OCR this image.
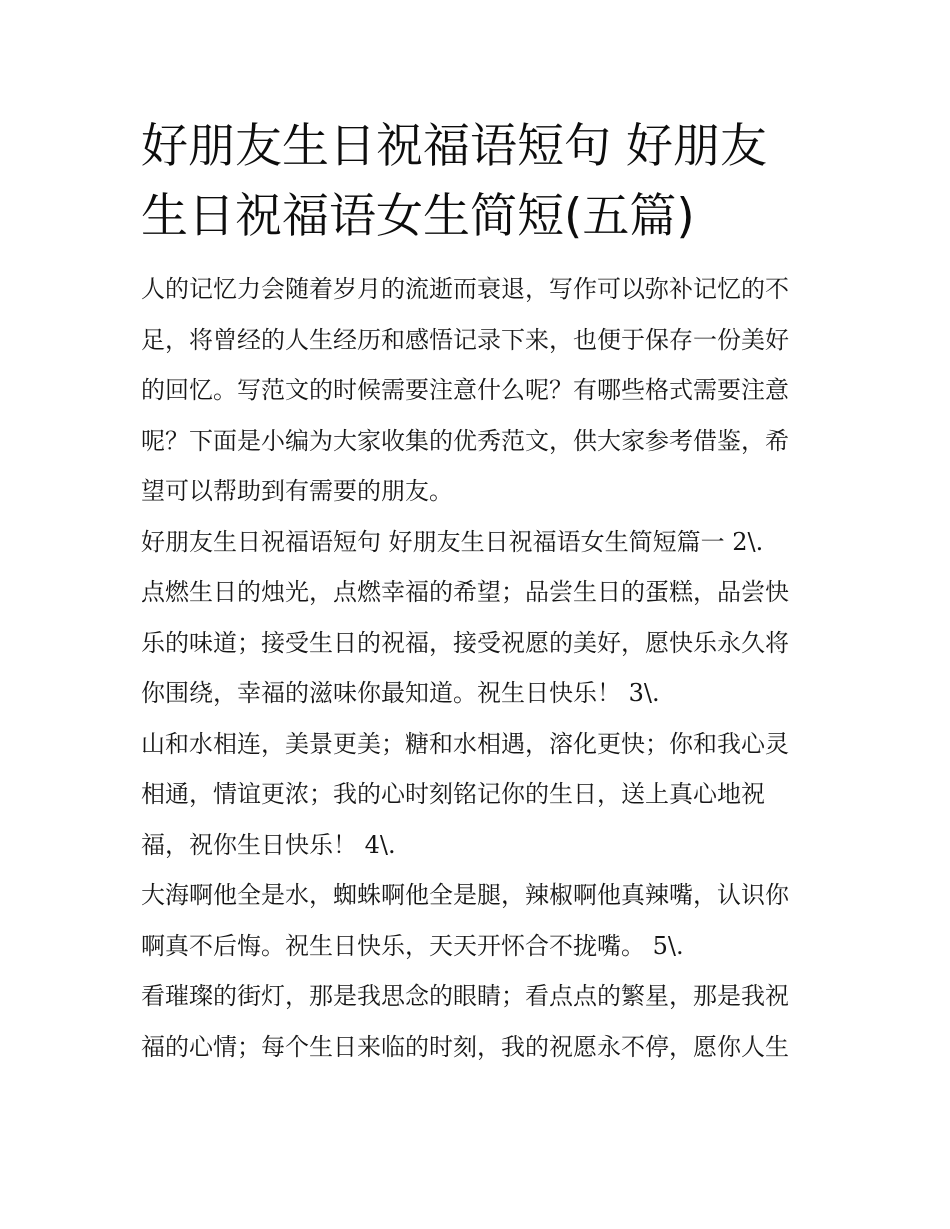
好朋友生日祝福语短句 好朋友
生日祝福语女生简短(五篇)

人的记忆力会随着岁月的流逝而衰退，写作可以弥补记忆的不
足，将曾经的人生经历和感悟记录下来，也便于保存一份美好
的回忆。写范文的时候需要注意什么呢？有哪些格式需要注意
呢？下面是小编为大家收集的优秀范文，供大家参考借鉴，希
望可以帮助到有需要的朋友。

好朋友生日祝福语短句 好朋友生日祝福语女生简短篇一 2\.

点燃生日的烛光，点燃幸福的希望；品尝生日的蛋糕，品尝快
乐的味道；接受生日的祝福，接受祝愿的美好，愿快乐永久将
你围绕，幸福的滋味你最知道。祝生日快乐！ 3\.

山和水相连，美景更美；糖和水相遇，溶化更快；你和我心灵
相通，情谊更浓；我的心时刻铭记你的生日，送上真心地祝
福，祝你生日快乐！ 4\.

大海啊他全是水，蜘蛛啊他全是腿，辣椒啊他真辣嘴，认识你
啊真不后悔。祝生日快乐，天天开怀合不拢嘴。 5\.

看璀璨的街灯，那是我思念的眼睛；看点点的繁星，那是我祝
福的心情；每个生日来临的时刻，我的祝愿永不停，愿你人生
